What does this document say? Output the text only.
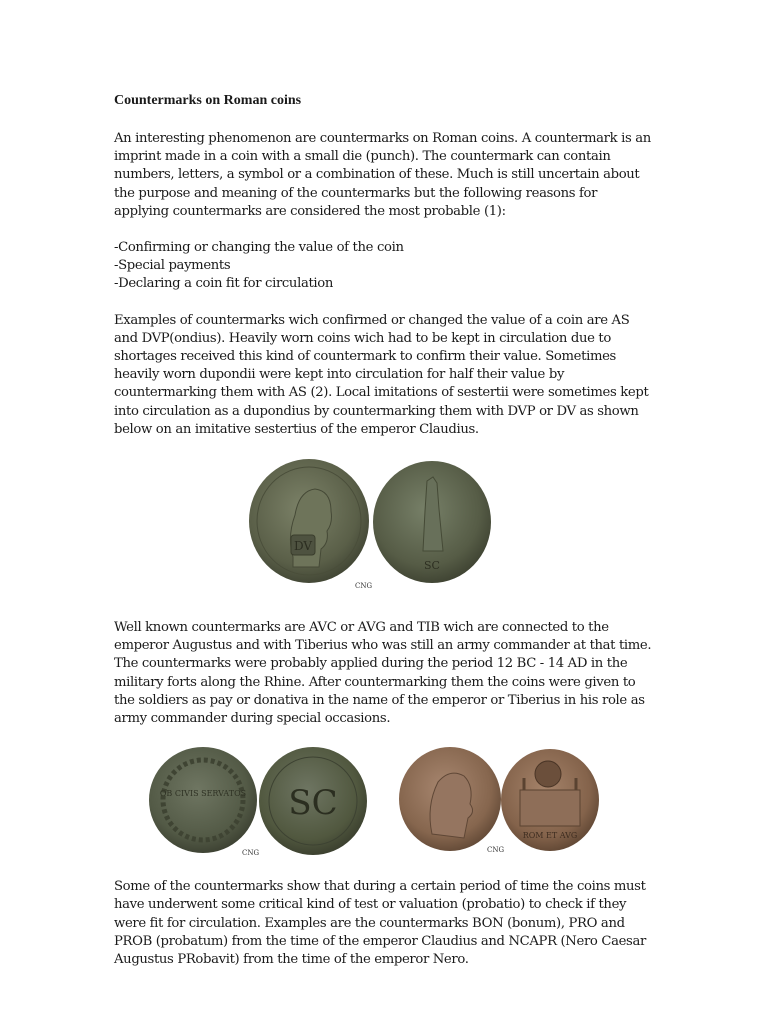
Countermarks on Roman coins

An interesting phenomenon are countermarks on Roman coins. A countermark is an imprint made in a coin with a small die (punch). The countermark can contain numbers, letters, a symbol or a combination of these. Much is still uncertain about the purpose and meaning of the countermarks but the following reasons for applying countermarks are considered the most probable (1):

-Confirming or changing the value of the coin
-Special payments
-Declaring a coin fit for circulation

Examples of countermarks wich confirmed or changed the value of a coin are AS and DVP(ondius). Heavily worn coins wich had to be kept in circulation due to shortages received this kind of countermark to confirm their value. Sometimes heavily worn dupondii were kept into circulation for half their value by countermarking them with AS (2). Local imitations of sestertii were sometimes kept into circulation as a dupondius by countermarking them with DVP or DV as shown below on an imitative sestertius of the emperor Claudius.

DV
SC
CNG

Well known countermarks are AVC or AVG and TIB wich are connected to the emperor Augustus and with Tiberius who was still an army commander at that time. The countermarks were probably applied during the period 12 BC - 14 AD in the military forts along the Rhine. After countermarking them the coins were given to the soldiers as pay or donativa in the name of the emperor or Tiberius in his role as army commander during special occasions.

OB CIVIS SERVATOS SC
ROM ET AVG
CNG	CNG

Some of the countermarks show that during a certain period of time the coins must have underwent some critical kind of test or valuation (probatio) to check if they were fit for circulation. Examples are the countermarks BON (bonum), PRO and PROB (probatum) from the time of the emperor Claudius and NCAPR (Nero Caesar Augustus PRobavit) from the time of the emperor Nero.
